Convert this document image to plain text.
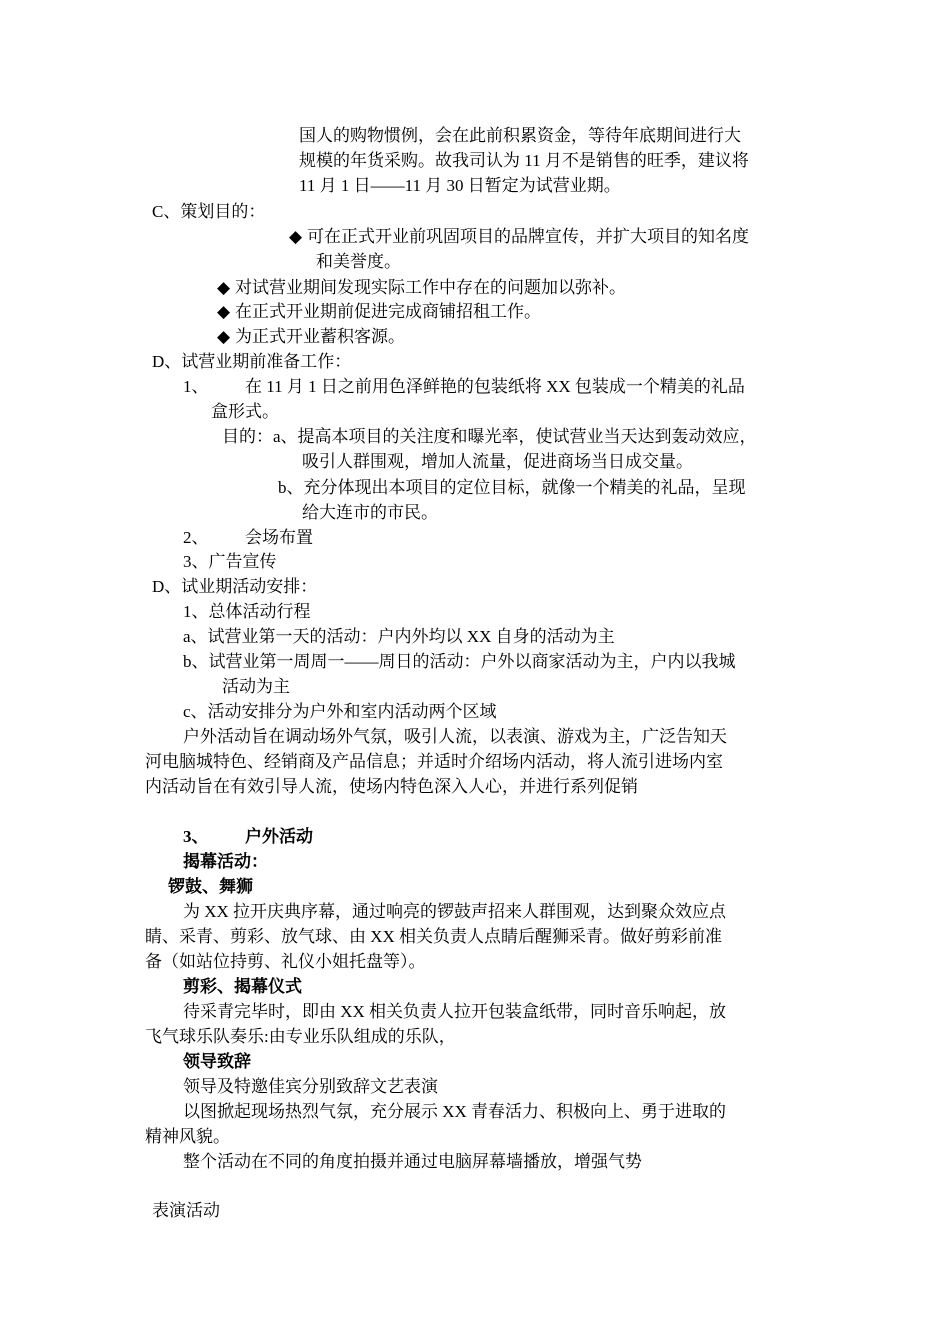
国人的购物惯例，会在此前积累资金，等待年底期间进行大
规模的年货采购。故我司认为 11 月不是销售的旺季，建议将
11 月 1 日——11 月 30 日暂定为试营业期。
C、策划目的：
◆ 可在正式开业前巩固项目的品牌宣传，并扩大项目的知名度
和美誉度。
◆ 对试营业期间发现实际工作中存在的问题加以弥补。
◆ 在正式开业期前促进完成商铺招租工作。
◆ 为正式开业蓄积客源。
D、试营业期前准备工作：
1、 在 11 月 1 日之前用色泽鲜艳的包装纸将 XX 包装成一个精美的礼品
盒形式。
目的：a、提高本项目的关注度和曝光率，使试营业当天达到轰动效应，
吸引人群围观，增加人流量，促进商场当日成交量。
b、充分体现出本项目的定位目标，就像一个精美的礼品，呈现
给大连市的市民。
2、 会场布置
3、广告宣传
D、试业期活动安排：
1、总体活动行程
a、试营业第一天的活动：户内外均以 XX 自身的活动为主
b、试营业第一周周一——周日的活动：户外以商家活动为主，户内以我城
活动为主
c、活动安排分为户外和室内活动两个区域
户外活动旨在调动场外气氛，吸引人流，以表演、游戏为主，广泛告知天
河电脑城特色、经销商及产品信息；并适时介绍场内活动，将人流引进场内室
内活动旨在有效引导人流，使场内特色深入人心，并进行系列促销
3、 户外活动
揭幕活动：
锣鼓、舞狮
为 XX 拉开庆典序幕，通过响亮的锣鼓声招来人群围观，达到聚众效应点
睛、采青、剪彩、放气球、由 XX 相关负责人点睛后醒狮采青。做好剪彩前准
备（如站位持剪、礼仪小姐托盘等）。
剪彩、揭幕仪式
待采青完毕时，即由 XX 相关负责人拉开包装盒纸带，同时音乐响起，放
飞气球乐队奏乐:由专业乐队组成的乐队，
领导致辞
领导及特邀佳宾分别致辞文艺表演
以图掀起现场热烈气氛，充分展示 XX 青春活力、积极向上、勇于进取的
精神风貌。
整个活动在不同的角度拍摄并通过电脑屏幕墙播放，增强气势
表演活动
